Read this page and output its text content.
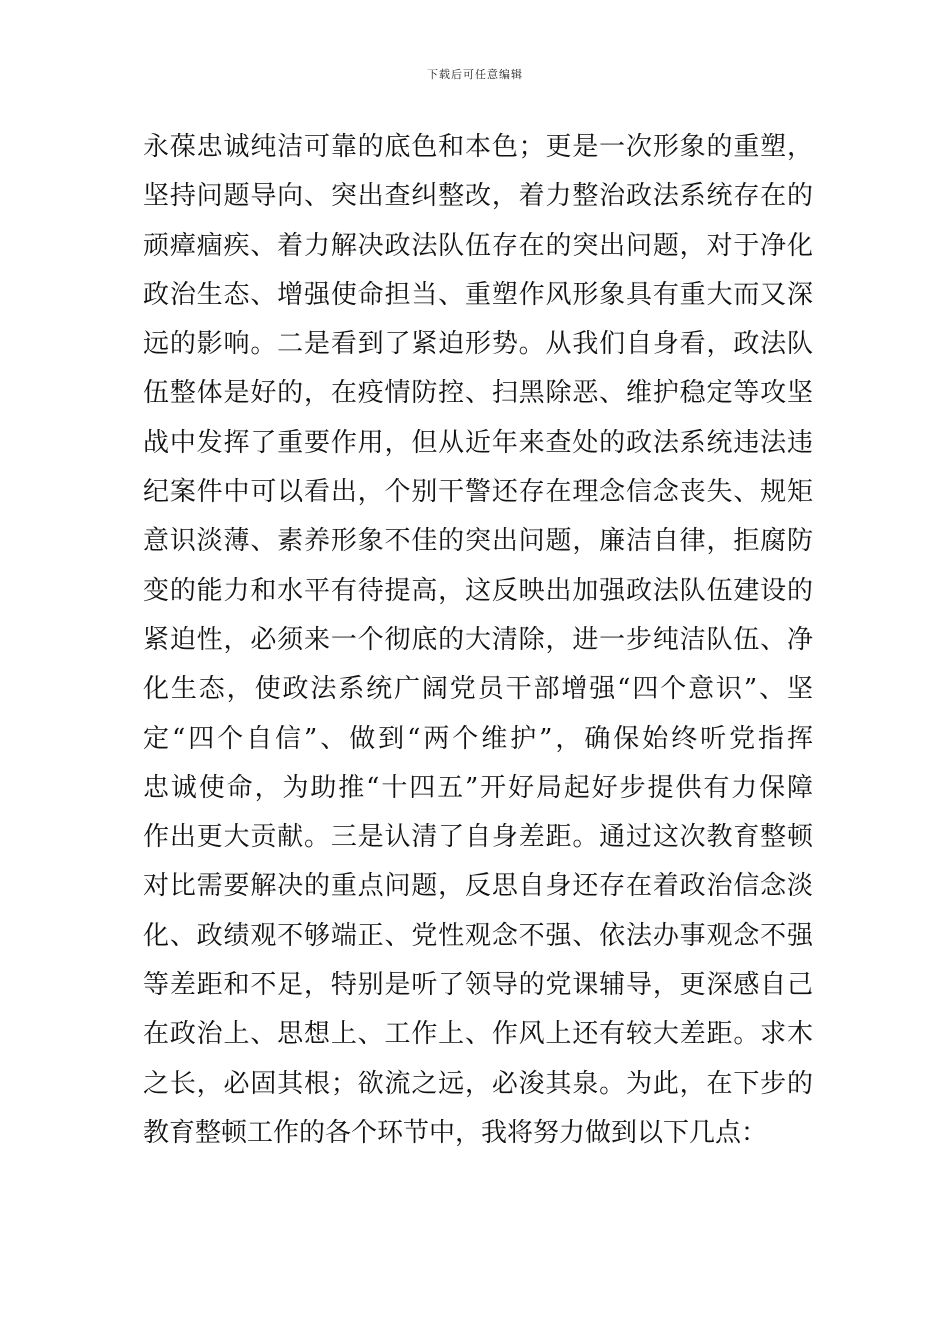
下载后可任意编辑
永葆忠诚纯洁可靠的底色和本色；更是一次形象的重塑，
坚持问题导向、突出查纠整改，着力整治政法系统存在的
顽瘴痼疾、着力解决政法队伍存在的突出问题，对于净化
政治生态、增强使命担当、重塑作风形象具有重大而又深
远的影响。二是看到了紧迫形势。从我们自身看，政法队
伍整体是好的，在疫情防控、扫黑除恶、维护稳定等攻坚
战中发挥了重要作用，但从近年来查处的政法系统违法违
纪案件中可以看出，个别干警还存在理念信念丧失、规矩
意识淡薄、素养形象不佳的突出问题，廉洁自律，拒腐防
变的能力和水平有待提高，这反映出加强政法队伍建设的
紧迫性，必须来一个彻底的大清除，进一步纯洁队伍、净
化生态，使政法系统广阔党员干部增强“四个意识”、坚
定“四个自信”、做到“两个维护”，确保始终听党指挥
忠诚使命，为助推“十四五”开好局起好步提供有力保障
作出更大贡献。三是认清了自身差距。通过这次教育整顿
对比需要解决的重点问题，反思自身还存在着政治信念淡
化、政绩观不够端正、党性观念不强、依法办事观念不强
等差距和不足，特别是听了领导的党课辅导，更深感自己
在政治上、思想上、工作上、作风上还有较大差距。求木
之长，必固其根；欲流之远，必浚其泉。为此，在下步的
教育整顿工作的各个环节中，我将努力做到以下几点：
